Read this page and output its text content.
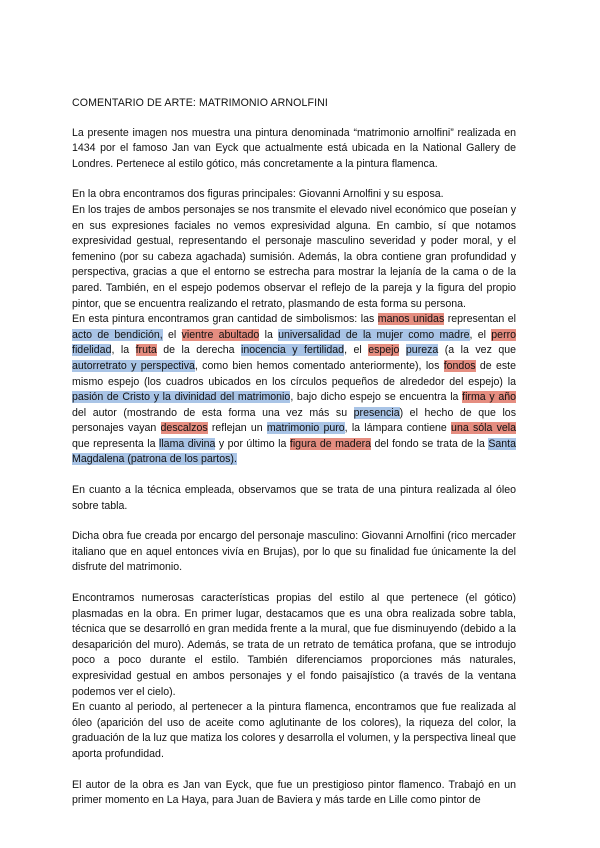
COMENTARIO DE ARTE: MATRIMONIO ARNOLFINI

La presente imagen nos muestra una pintura denominada “matrimonio arnolfini” realizada en 1434 por el famoso Jan van Eyck que actualmente está ubicada en la National Gallery de Londres. Pertenece al estilo gótico, más concretamente a la pintura flamenca.

En la obra encontramos dos figuras principales: Giovanni Arnolfini y su esposa.

En los trajes de ambos personajes se nos transmite el elevado nivel económico que poseían y en sus expresiones faciales no vemos expresividad alguna. En cambio, sí que notamos expresividad gestual, representando el personaje masculino severidad y poder moral, y el femenino (por su cabeza agachada) sumisión. Además, la obra contiene gran profundidad y perspectiva, gracias a que el entorno se estrecha para mostrar la lejanía de la cama o de la pared. También, en el espejo podemos observar el reflejo de la pareja y la figura del propio pintor, que se encuentra realizando el retrato, plasmando de esta forma su persona.

En esta pintura encontramos gran cantidad de simbolismos: las manos unidas representan el acto de bendición, el vientre abultado la universalidad de la mujer como madre, el perro fidelidad, la fruta de la derecha inocencia y fertilidad, el espejo pureza (a la vez que autorretrato y perspectiva, como bien hemos comentado anteriormente), los fondos de este mismo espejo (los cuadros ubicados en los círculos pequeños de alrededor del espejo) la pasión de Cristo y la divinidad del matrimonio, bajo dicho espejo se encuentra la firma y año del autor (mostrando de esta forma una vez más su presencia) el hecho de que los personajes vayan descalzos reflejan un matrimonio puro, la lámpara contiene una sóla vela que representa la llama divina y por último la figura de madera del fondo se trata de la Santa Magdalena (patrona de los partos).

En cuanto a la técnica empleada, observamos que se trata de una pintura realizada al óleo sobre tabla.

Dicha obra fue creada por encargo del personaje masculino: Giovanni Arnolfini (rico mercader italiano que en aquel entonces vivía en Brujas), por lo que su finalidad fue únicamente la del disfrute del matrimonio.

Encontramos numerosas características propias del estilo al que pertenece (el gótico) plasmadas en la obra. En primer lugar, destacamos que es una obra realizada sobre tabla, técnica que se desarrolló en gran medida frente a la mural, que fue disminuyendo (debido a la desaparición del muro). Además, se trata de un retrato de temática profana, que se introdujo poco a poco durante el estilo. También diferenciamos proporciones más naturales, expresividad gestual en ambos personajes y el fondo paisajístico (a través de la ventana podemos ver el cielo).

En cuanto al periodo, al pertenecer a la pintura flamenca, encontramos que fue realizada al óleo (aparición del uso de aceite como aglutinante de los colores), la riqueza del color, la graduación de la luz que matiza los colores y desarrolla el volumen, y la perspectiva lineal que aporta profundidad.

El autor de la obra es Jan van Eyck, que fue un prestigioso pintor flamenco. Trabajó en un primer momento en La Haya, para Juan de Baviera y más tarde en Lille como pintor de
